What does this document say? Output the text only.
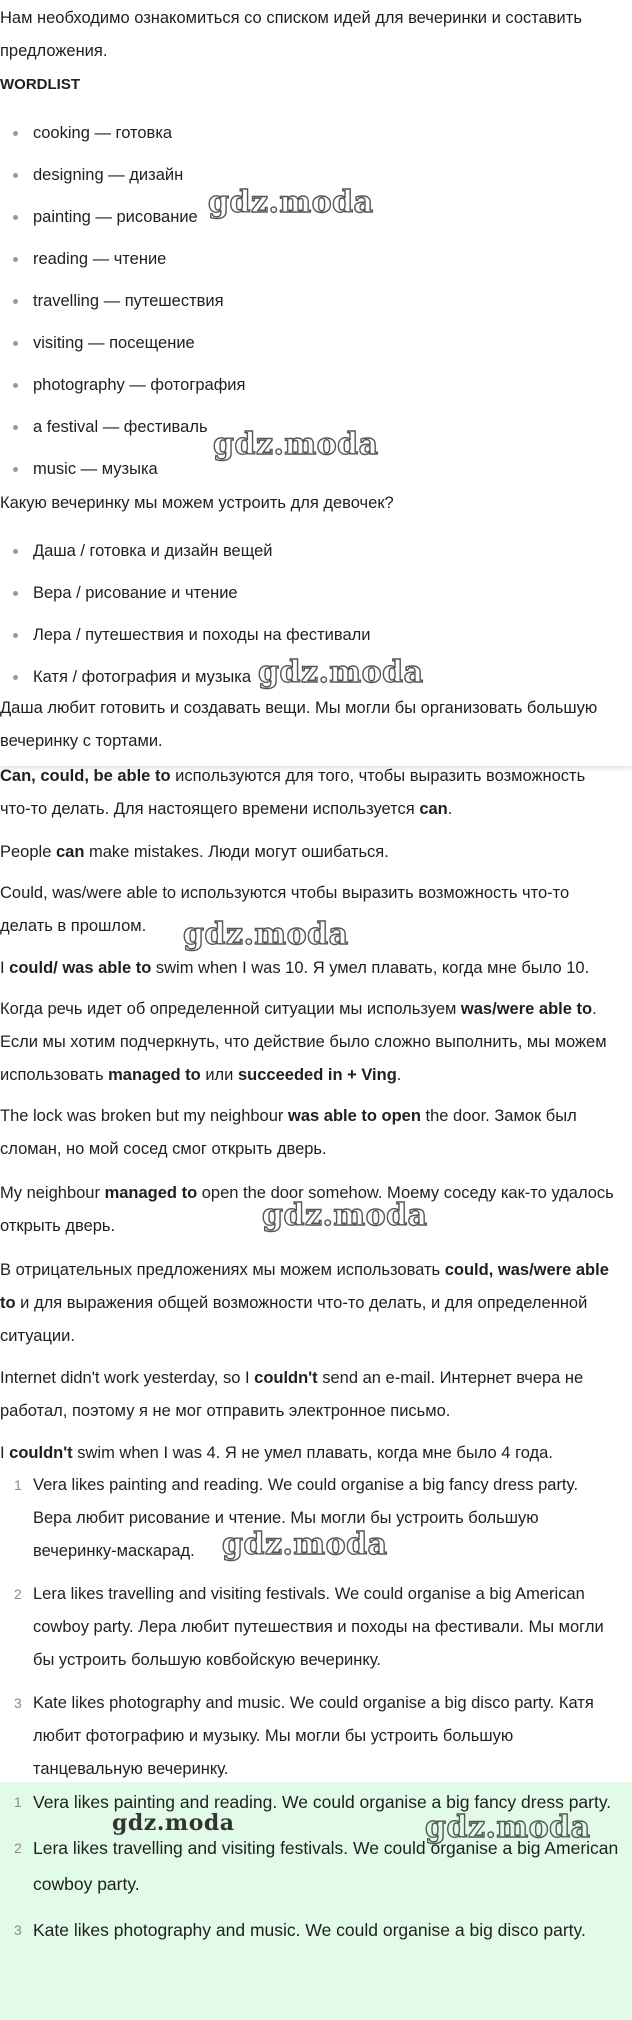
Нам необходимо ознакомиться со списком идей для вечеринки и составить предложения.
WORDLIST
cooking — готовка
designing — дизайн
painting — рисование
reading — чтение
travelling — путешествия
visiting — посещение
photography — фотография
a festival — фестиваль
music — музыка
Какую вечеринку мы можем устроить для девочек?
Даша / готовка и дизайн вещей
Вера / рисование и чтение
Лера / путешествия и походы на фестивали
Катя / фотография и музыка
Даша любит готовить и создавать вещи. Мы могли бы организовать большую вечеринку с тортами.
Can, could, be able to используются для того, чтобы выразить возможность что-то делать. Для настоящего времени используется can.
People can make mistakes. Люди могут ошибаться.
Could, was/were able to используются чтобы выразить возможность что-то делать в прошлом.
I could/ was able to swim when I was 10. Я умел плавать, когда мне было 10.
Когда речь идет об определенной ситуации мы используем was/were able to. Если мы хотим подчеркнуть, что действие было сложно выполнить, мы можем использовать managed to или succeeded in + Ving.
The lock was broken but my neighbour was able to open the door. Замок был сломан, но мой сосед смог открыть дверь.
My neighbour managed to open the door somehow. Моему соседу как-то удалось открыть дверь.
В отрицательных предложениях мы можем использовать could, was/were able to и для выражения общей возможности что-то делать, и для определенной ситуации.
Internet didn't work yesterday, so I couldn't send an e-mail. Интернет вчера не работал, поэтому я не мог отправить электронное письмо.
I couldn't swim when I was 4. Я не умел плавать, когда мне было 4 года.
1 Vera likes painting and reading. We could organise a big fancy dress party. Вера любит рисование и чтение. Мы могли бы устроить большую вечеринку-маскарад.
2 Lera likes travelling and visiting festivals. We could organise a big American cowboy party. Лера любит путешествия и походы на фестивали. Мы могли бы устроить большую ковбойскую вечеринку.
3 Kate likes photography and music. We could organise a big disco party. Катя любит фотографию и музыку. Мы могли бы устроить большую танцевальную вечеринку.
1 Vera likes painting and reading. We could organise a big fancy dress party.
2 Lera likes travelling and visiting festivals. We could organise a big American cowboy party.
3 Kate likes photography and music. We could organise a big disco party.
gdz.moda
gdz.moda
gdz.moda
gdz.moda
